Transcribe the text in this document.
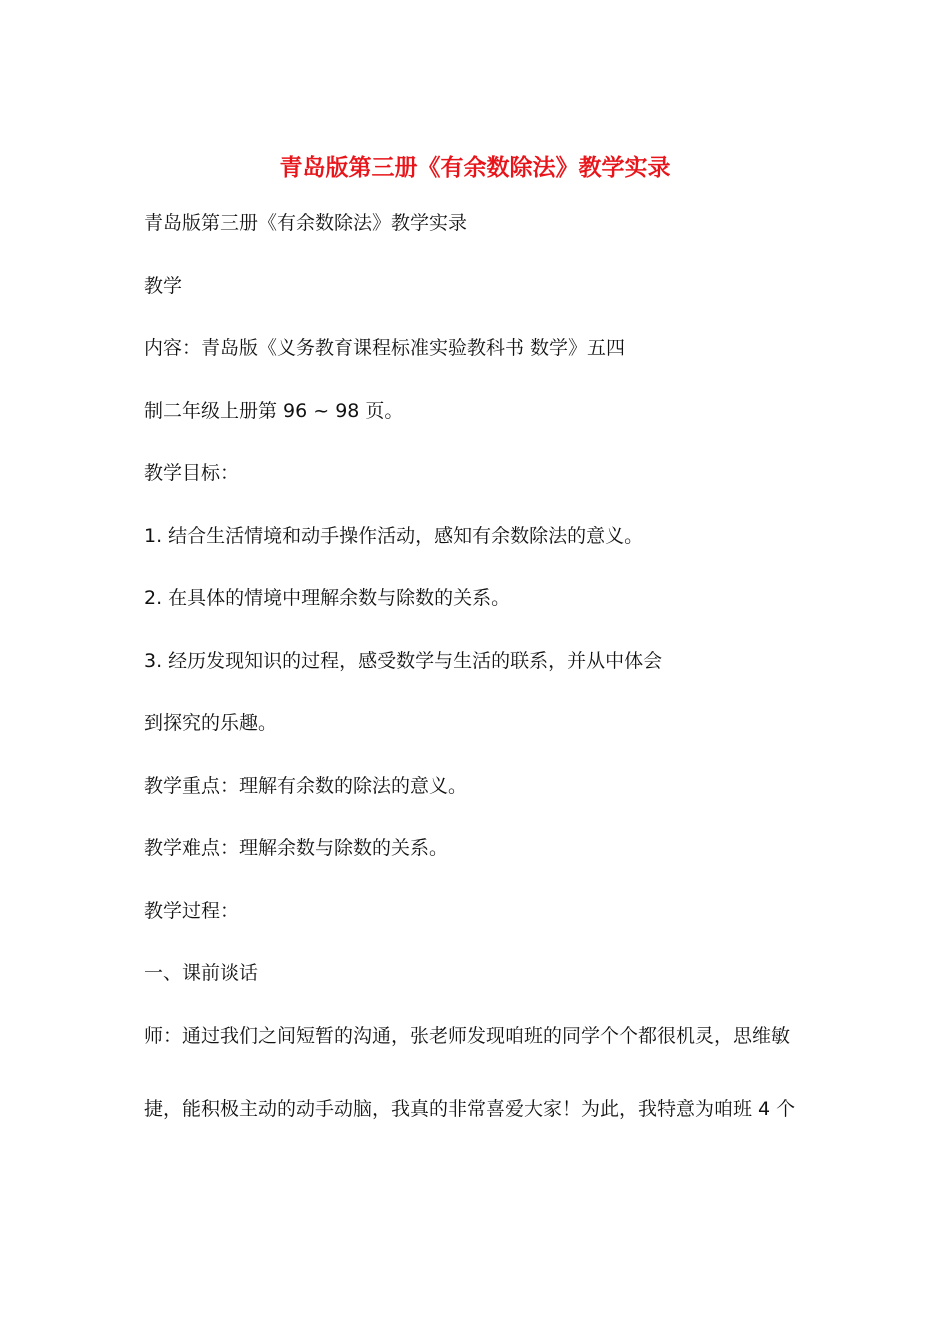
青岛版第三册《有余数除法》教学实录
青岛版第三册《有余数除法》教学实录
教学
内容：青岛版《义务教育课程标准实验教科书 数学》五四
制二年级上册第 96 ~ 98 页。
教学目标：
1. 结合生活情境和动手操作活动，感知有余数除法的意义。
2. 在具体的情境中理解余数与除数的关系。
3. 经历发现知识的过程，感受数学与生活的联系，并从中体会
到探究的乐趣。
教学重点：理解有余数的除法的意义。
教学难点：理解余数与除数的关系。
教学过程：
一、课前谈话
师：通过我们之间短暂的沟通，张老师发现咱班的同学个个都很机灵，思维敏
捷，能积极主动的动手动脑，我真的非常喜爱大家！为此，我特意为咱班 4 个
